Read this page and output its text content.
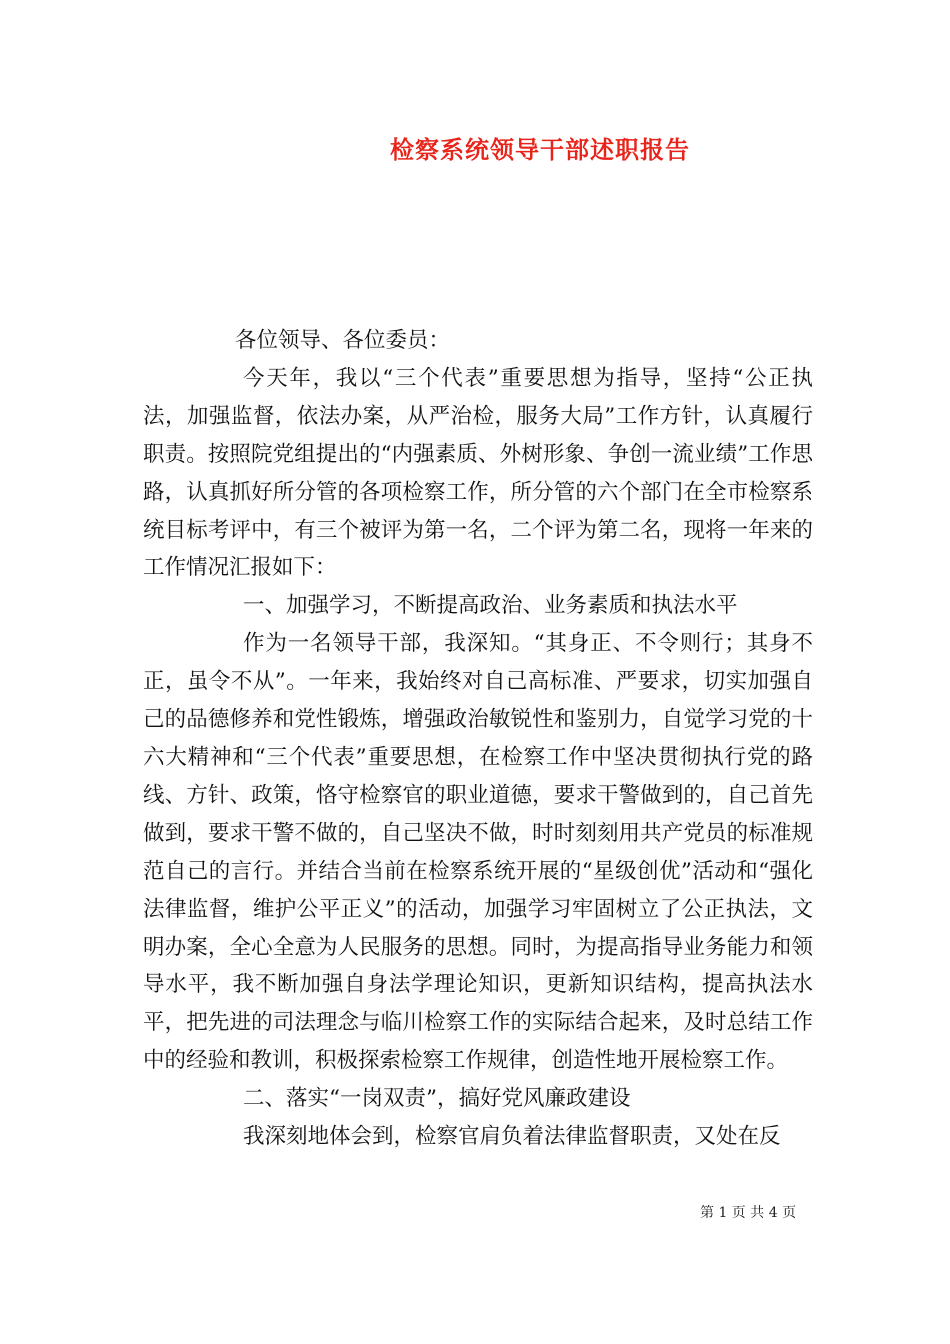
检察系统领导干部述职报告

各位领导、各位委员：

今天年，我以“三个代表”重要思想为指导，坚持“公正执法，加强监督，依法办案，从严治检，服务大局”工作方针，认真履行职责。按照院党组提出的“内强素质、外树形象、争创一流业绩”工作思路，认真抓好所分管的各项检察工作，所分管的六个部门在全市检察系统目标考评中，有三个被评为第一名，二个评为第二名，现将一年来的工作情况汇报如下：

一、加强学习，不断提高政治、业务素质和执法水平

作为一名领导干部，我深知。“其身正、不令则行；其身不正，虽令不从”。一年来，我始终对自己高标准、严要求，切实加强自己的品德修养和党性锻炼，增强政治敏锐性和鉴别力，自觉学习党的十六大精神和“三个代表”重要思想，在检察工作中坚决贯彻执行党的路线、方针、政策，恪守检察官的职业道德，要求干警做到的，自己首先做到，要求干警不做的，自己坚决不做，时时刻刻用共产党员的标准规范自己的言行。并结合当前在检察系统开展的“星级创优”活动和“强化法律监督，维护公平正义”的活动，加强学习牢固树立了公正执法，文明办案，全心全意为人民服务的思想。同时，为提高指导业务能力和领导水平，我不断加强自身法学理论知识，更新知识结构，提高执法水平，把先进的司法理念与临川检察工作的实际结合起来，及时总结工作中的经验和教训，积极探索检察工作规律，创造性地开展检察工作。

二、落实“一岗双责”，搞好党风廉政建设

我深刻地体会到，检察官肩负着法律监督职责，又处在反

第 1 页 共 4 页
